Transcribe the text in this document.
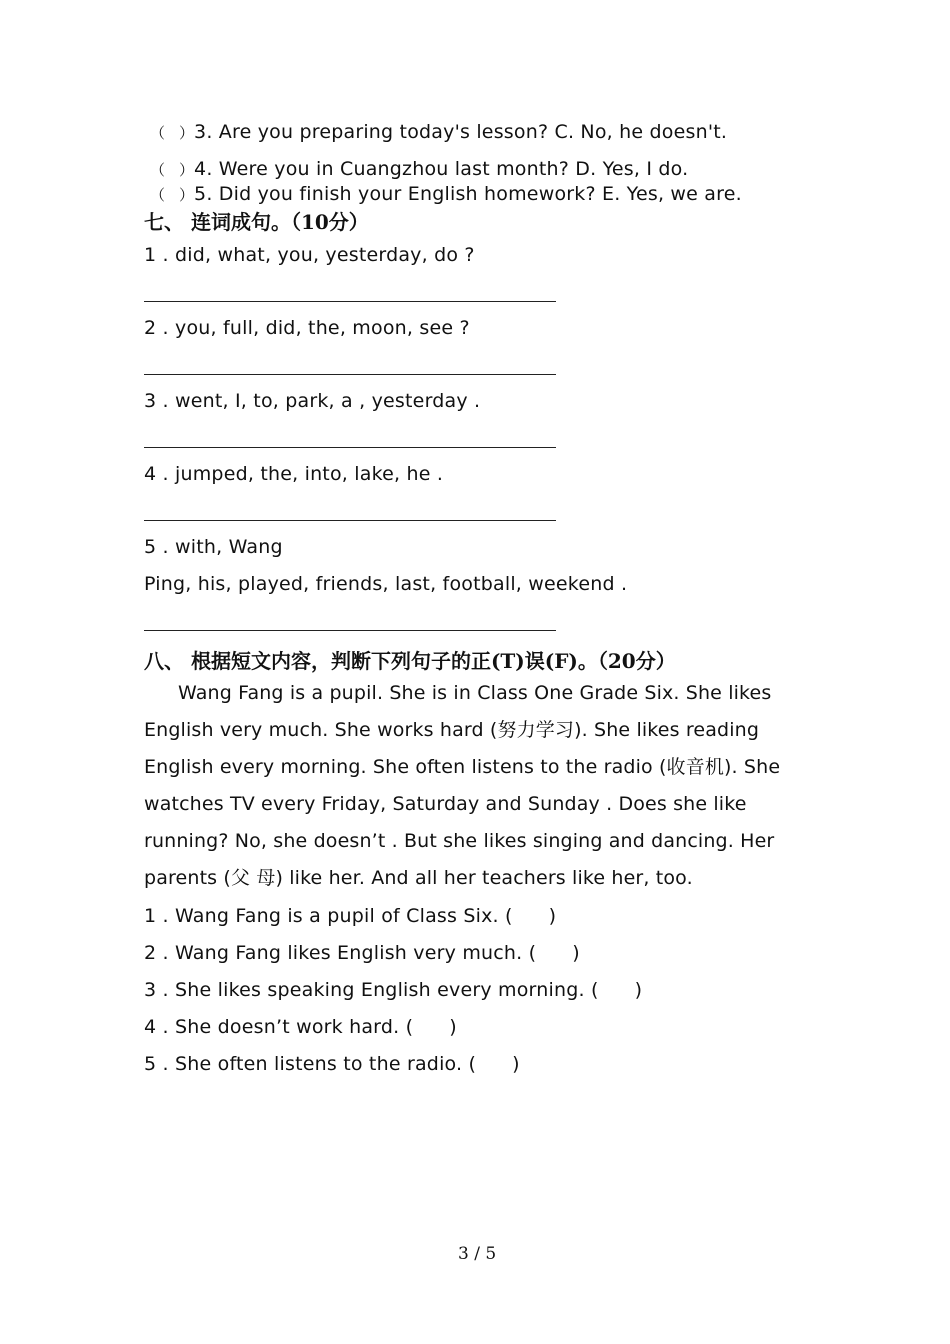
（ ）3. Are you preparing today's lesson? C. No, he doesn't.
（ ）4. Were you in Cuangzhou last month? D. Yes, I do.
（ ）5. Did you finish your English homework? E. Yes, we are.
七、 连词成句。（10分）
1 . did, what, you, yesterday, do ?
2 . you, full, did, the, moon, see ?
3 . went, I, to, park, a , yesterday .
4 . jumped, the, into, lake, he .
5 . with, Wang
Ping, his, played, friends, last, football, weekend .
八、 根据短文内容，判断下列句子的正(T)误(F)。（20分）
Wang Fang is a pupil. She is in Class One Grade Six. She likes
English very much. She works hard (努力学习). She likes reading
English every morning. She often listens to the radio (收音机). She
watches TV every Friday, Saturday and Sunday . Does she like
running? No, she doesn’t . But she likes singing and dancing. Her
parents (父 母) like her. And all her teachers like her, too.
1 . Wang Fang is a pupil of Class Six. ( )
2 . Wang Fang likes English very much. ( )
3 . She likes speaking English every morning. ( )
4 . She doesn’t work hard. ( )
5 . She often listens to the radio. ( )
3 / 5
